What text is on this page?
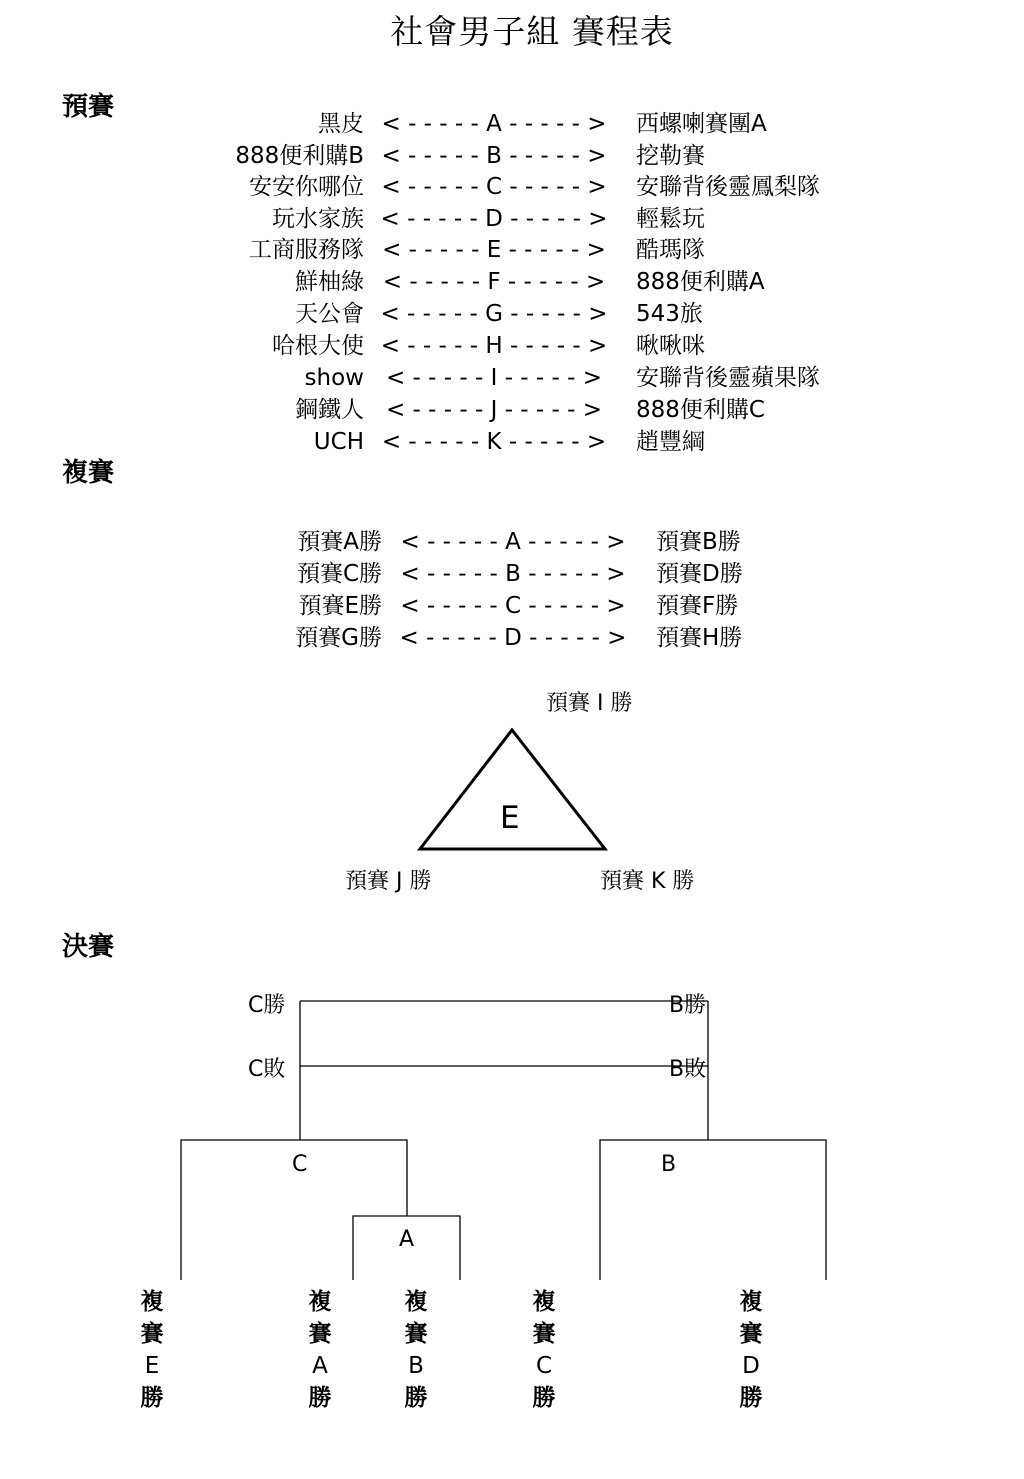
社會男子組 賽程表
預賽
黑皮 < - - - - - A - - - - - >	西螺喇賽團A
888便利購B < - - - - - B - - - - - >	挖勒賽
安安你哪位 < - - - - - C - - - - - >	安聯背後靈鳳梨隊
玩水家族 < - - - - - D - - - - - >	輕鬆玩
工商服務隊 < - - - - - E - - - - - >	酷瑪隊
鮮柚綠 < - - - - - F - - - - - >	888便利購A
天公會 < - - - - - G - - - - - >	543旅
哈根大使 < - - - - - H - - - - - >	啾啾咪
show < - - - - - I - - - - - >	安聯背後靈蘋果隊
鋼鐵人 < - - - - - J - - - - - >	888便利購C
UCH < - - - - - K - - - - - >	趙豐綱
複賽
預賽A勝 < - - - - - A - - - - - >	預賽B勝
預賽C勝 < - - - - - B - - - - - >	預賽D勝
預賽E勝 < - - - - - C - - - - - >	預賽F勝
預賽G勝 < - - - - - D - - - - - >	預賽H勝
預賽 I 勝
E
預賽 J 勝	預賽 K 勝
決賽
C勝	B勝
C敗	B敗
C	B
A
複
賽
E
勝
複
賽
A
勝
複
賽
B
勝
複
賽
C
勝
複
賽
D
勝
